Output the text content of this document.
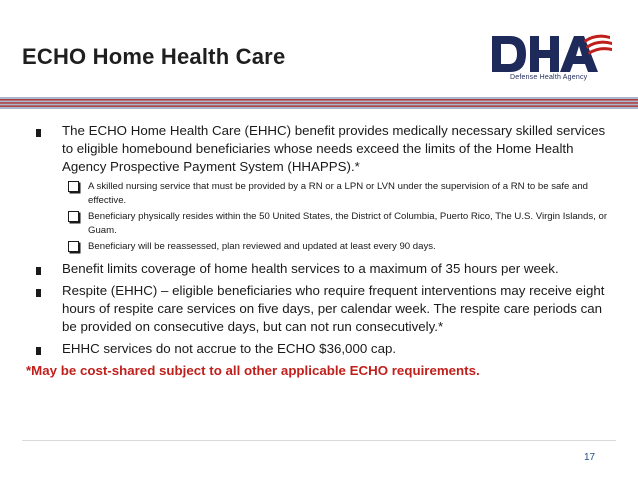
ECHO Home Health Care
Defense Health Agency
The ECHO Home Health Care (EHHC) benefit provides medically necessary skilled services to eligible homebound beneficiaries whose needs exceed the limits of the Home Health Agency Prospective Payment System (HHAPPS).*
A skilled nursing service that must be provided by a RN or a LPN or LVN under the supervision of a RN to be safe and effective.
Beneficiary physically resides within the 50 United States, the District of Columbia, Puerto Rico, The U.S. Virgin Islands, or Guam.
Beneficiary will be reassessed, plan reviewed and updated at least every 90 days.
Benefit limits coverage of home health services to a maximum of 35 hours per week.
Respite (EHHC) – eligible beneficiaries who require frequent interventions may receive eight hours of respite care services on five days, per calendar week. The respite care periods can be provided on consecutive days, but can not run consecutively.*
EHHC services do not accrue to the ECHO $36,000 cap.
*May be cost-shared subject to all other applicable ECHO requirements.
17
